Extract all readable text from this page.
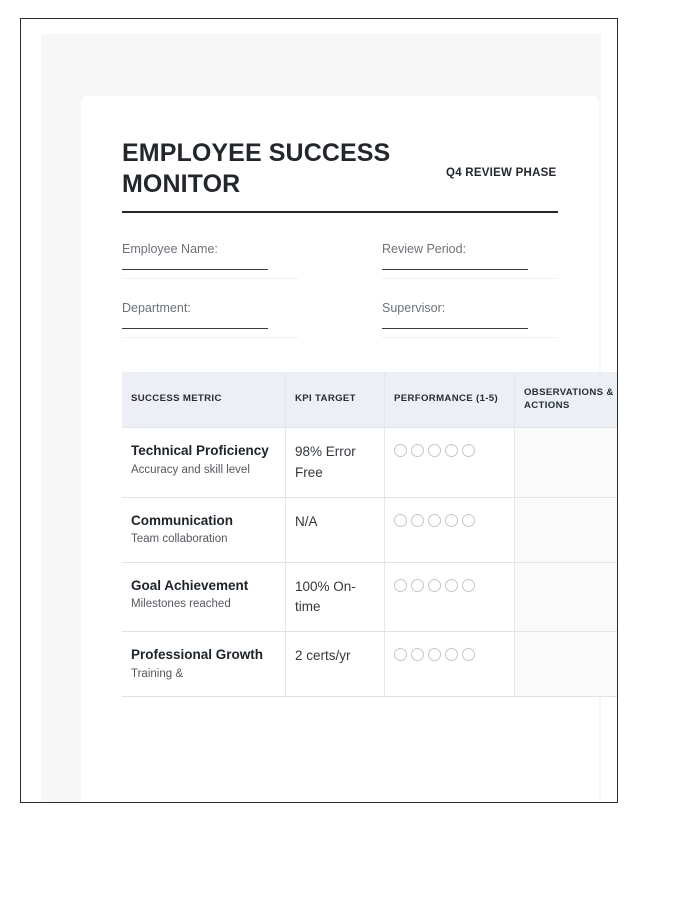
EMPLOYEE SUCCESS MONITOR	Q4 REVIEW PHASE
Employee Name:	Review Period:
Department:	Supervisor:
SUCCESS METRIC	KPI TARGET	PERFORMANCE (1-5)	OBSERVATIONS & ACTIONS

Technical Proficiency
Accuracy and skill level	98% Error Free		

Communication
Team collaboration	N/A		

Goal Achievement
Milestones reached	100% On-time		

Professional Growth
Training &	2 certs/yr		
